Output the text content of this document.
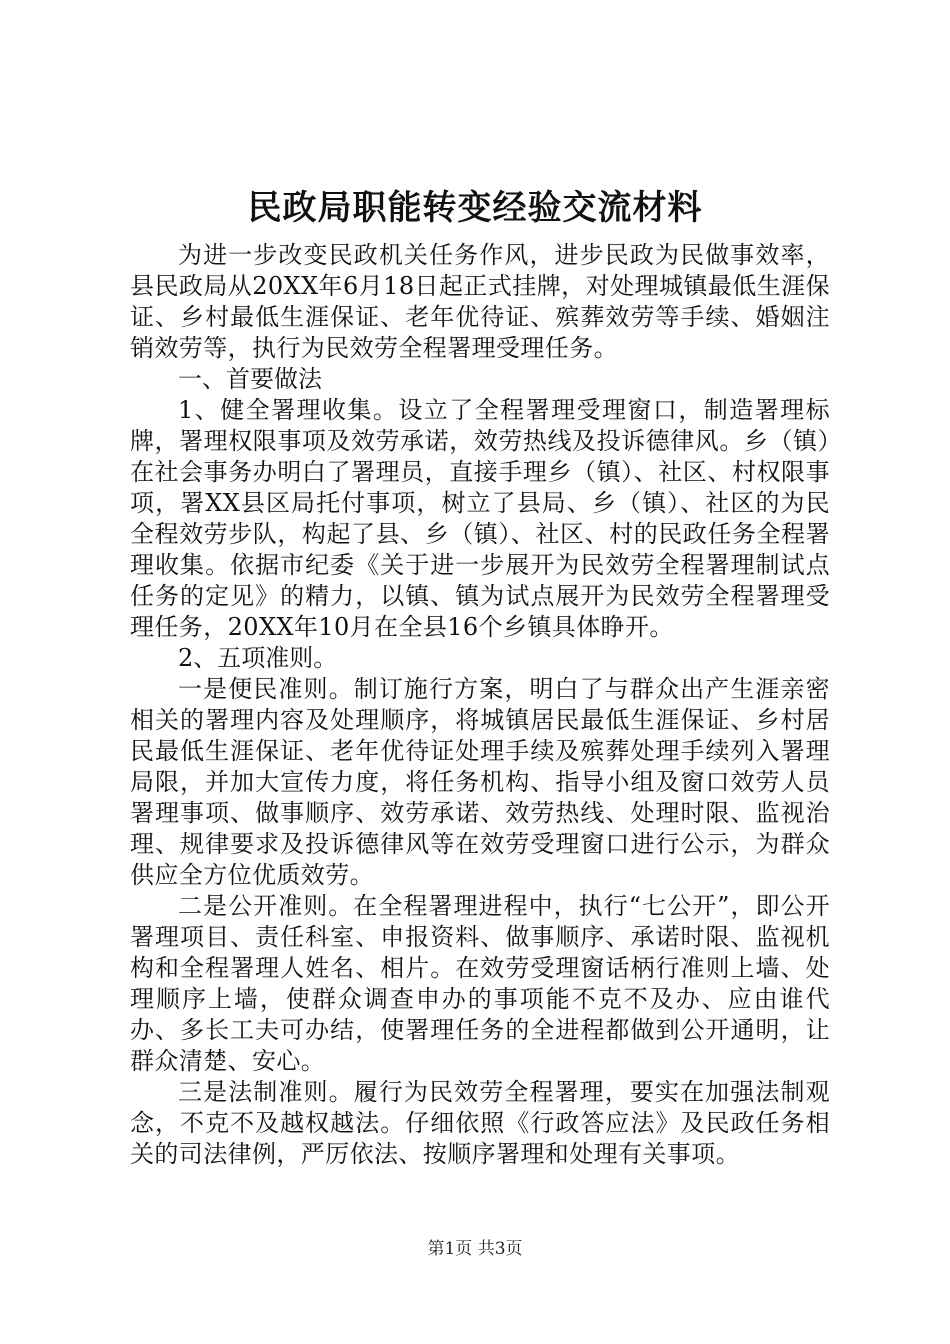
民政局职能转变经验交流材料

为进一步改变民政机关任务作风，进步民政为民做事效率，县民政局从20XX年6月18日起正式挂牌，对处理城镇最低生涯保证、乡村最低生涯保证、老年优待证、殡葬效劳等手续、婚姻注销效劳等，执行为民效劳全程署理受理任务。

一、首要做法

1、健全署理收集。设立了全程署理受理窗口，制造署理标牌，署理权限事项及效劳承诺，效劳热线及投诉德律风。乡（镇）在社会事务办明白了署理员，直接手理乡（镇）、社区、村权限事项，署XX县区局托付事项，树立了县局、乡（镇）、社区的为民全程效劳步队，构起了县、乡（镇）、社区、村的民政任务全程署理收集。依据市纪委《关于进一步展开为民效劳全程署理制试点任务的定见》的精力，以镇、镇为试点展开为民效劳全程署理受理任务，20XX年10月在全县16个乡镇具体睁开。

2、五项准则。

一是便民准则。制订施行方案，明白了与群众出产生涯亲密相关的署理内容及处理顺序，将城镇居民最低生涯保证、乡村居民最低生涯保证、老年优待证处理手续及殡葬处理手续列入署理局限，并加大宣传力度，将任务机构、指导小组及窗口效劳人员署理事项、做事顺序、效劳承诺、效劳热线、处理时限、监视治理、规律要求及投诉德律风等在效劳受理窗口进行公示，为群众供应全方位优质效劳。

二是公开准则。在全程署理进程中，执行“七公开”，即公开署理项目、责任科室、申报资料、做事顺序、承诺时限、监视机构和全程署理人姓名、相片。在效劳受理窗话柄行准则上墙、处理顺序上墙，使群众调查申办的事项能不克不及办、应由谁代办、多长工夫可办结，使署理任务的全进程都做到公开通明，让群众清楚、安心。

三是法制准则。履行为民效劳全程署理，要实在加强法制观念，不克不及越权越法。仔细依照《行政答应法》及民政任务相关的司法律例，严厉依法、按顺序署理和处理有关事项。

第1页 共3页
